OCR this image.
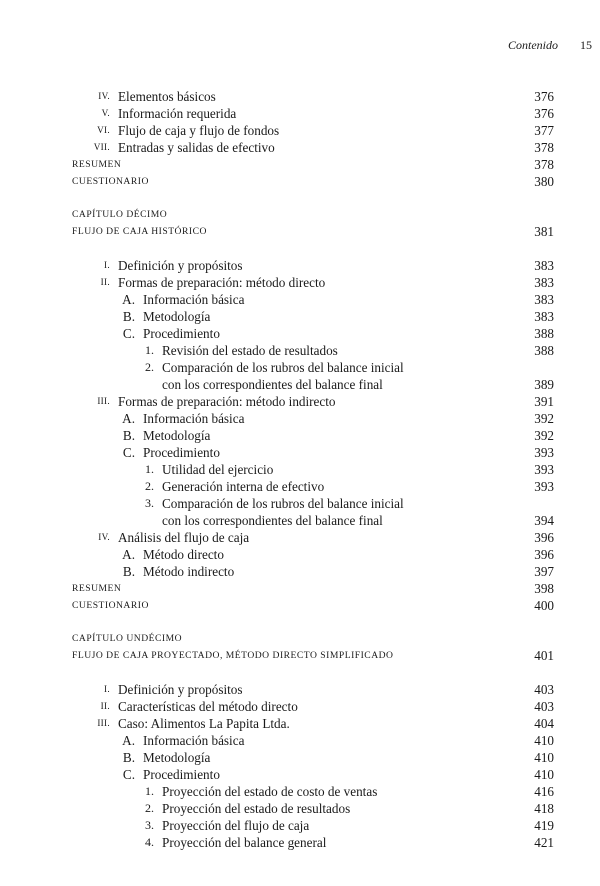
Contenido 15
IV. Elementos básicos	376
V. Información requerida	376
VI. Flujo de caja y flujo de fondos	377
VII. Entradas y salidas de efectivo	378
RESUMEN	378
CUESTIONARIO	380
CAPÍTULO DÉCIMO
FLUJO DE CAJA HISTÓRICO	381
I. Definición y propósitos	383
II. Formas de preparación: método directo	383
A. Información básica	383
B. Metodología	383
C. Procedimiento	388
1. Revisión del estado de resultados	388
2. Comparación de los rubros del balance inicial
con los correspondientes del balance final	389
III. Formas de preparación: método indirecto	391
A. Información básica	392
B. Metodología	392
C. Procedimiento	393
1. Utilidad del ejercicio	393
2. Generación interna de efectivo	393
3. Comparación de los rubros del balance inicial
con los correspondientes del balance final	394
IV. Análisis del flujo de caja	396
A. Método directo	396
B. Método indirecto	397
RESUMEN	398
CUESTIONARIO	400
CAPÍTULO UNDÉCIMO
FLUJO DE CAJA PROYECTADO, MÉTODO DIRECTO SIMPLIFICADO	401
I. Definición y propósitos	403
II. Características del método directo	403
III. Caso: Alimentos La Papita Ltda.	404
A. Información básica	410
B. Metodología	410
C. Procedimiento	410
1. Proyección del estado de costo de ventas	416
2. Proyección del estado de resultados	418
3. Proyección del flujo de caja	419
4. Proyección del balance general	421
